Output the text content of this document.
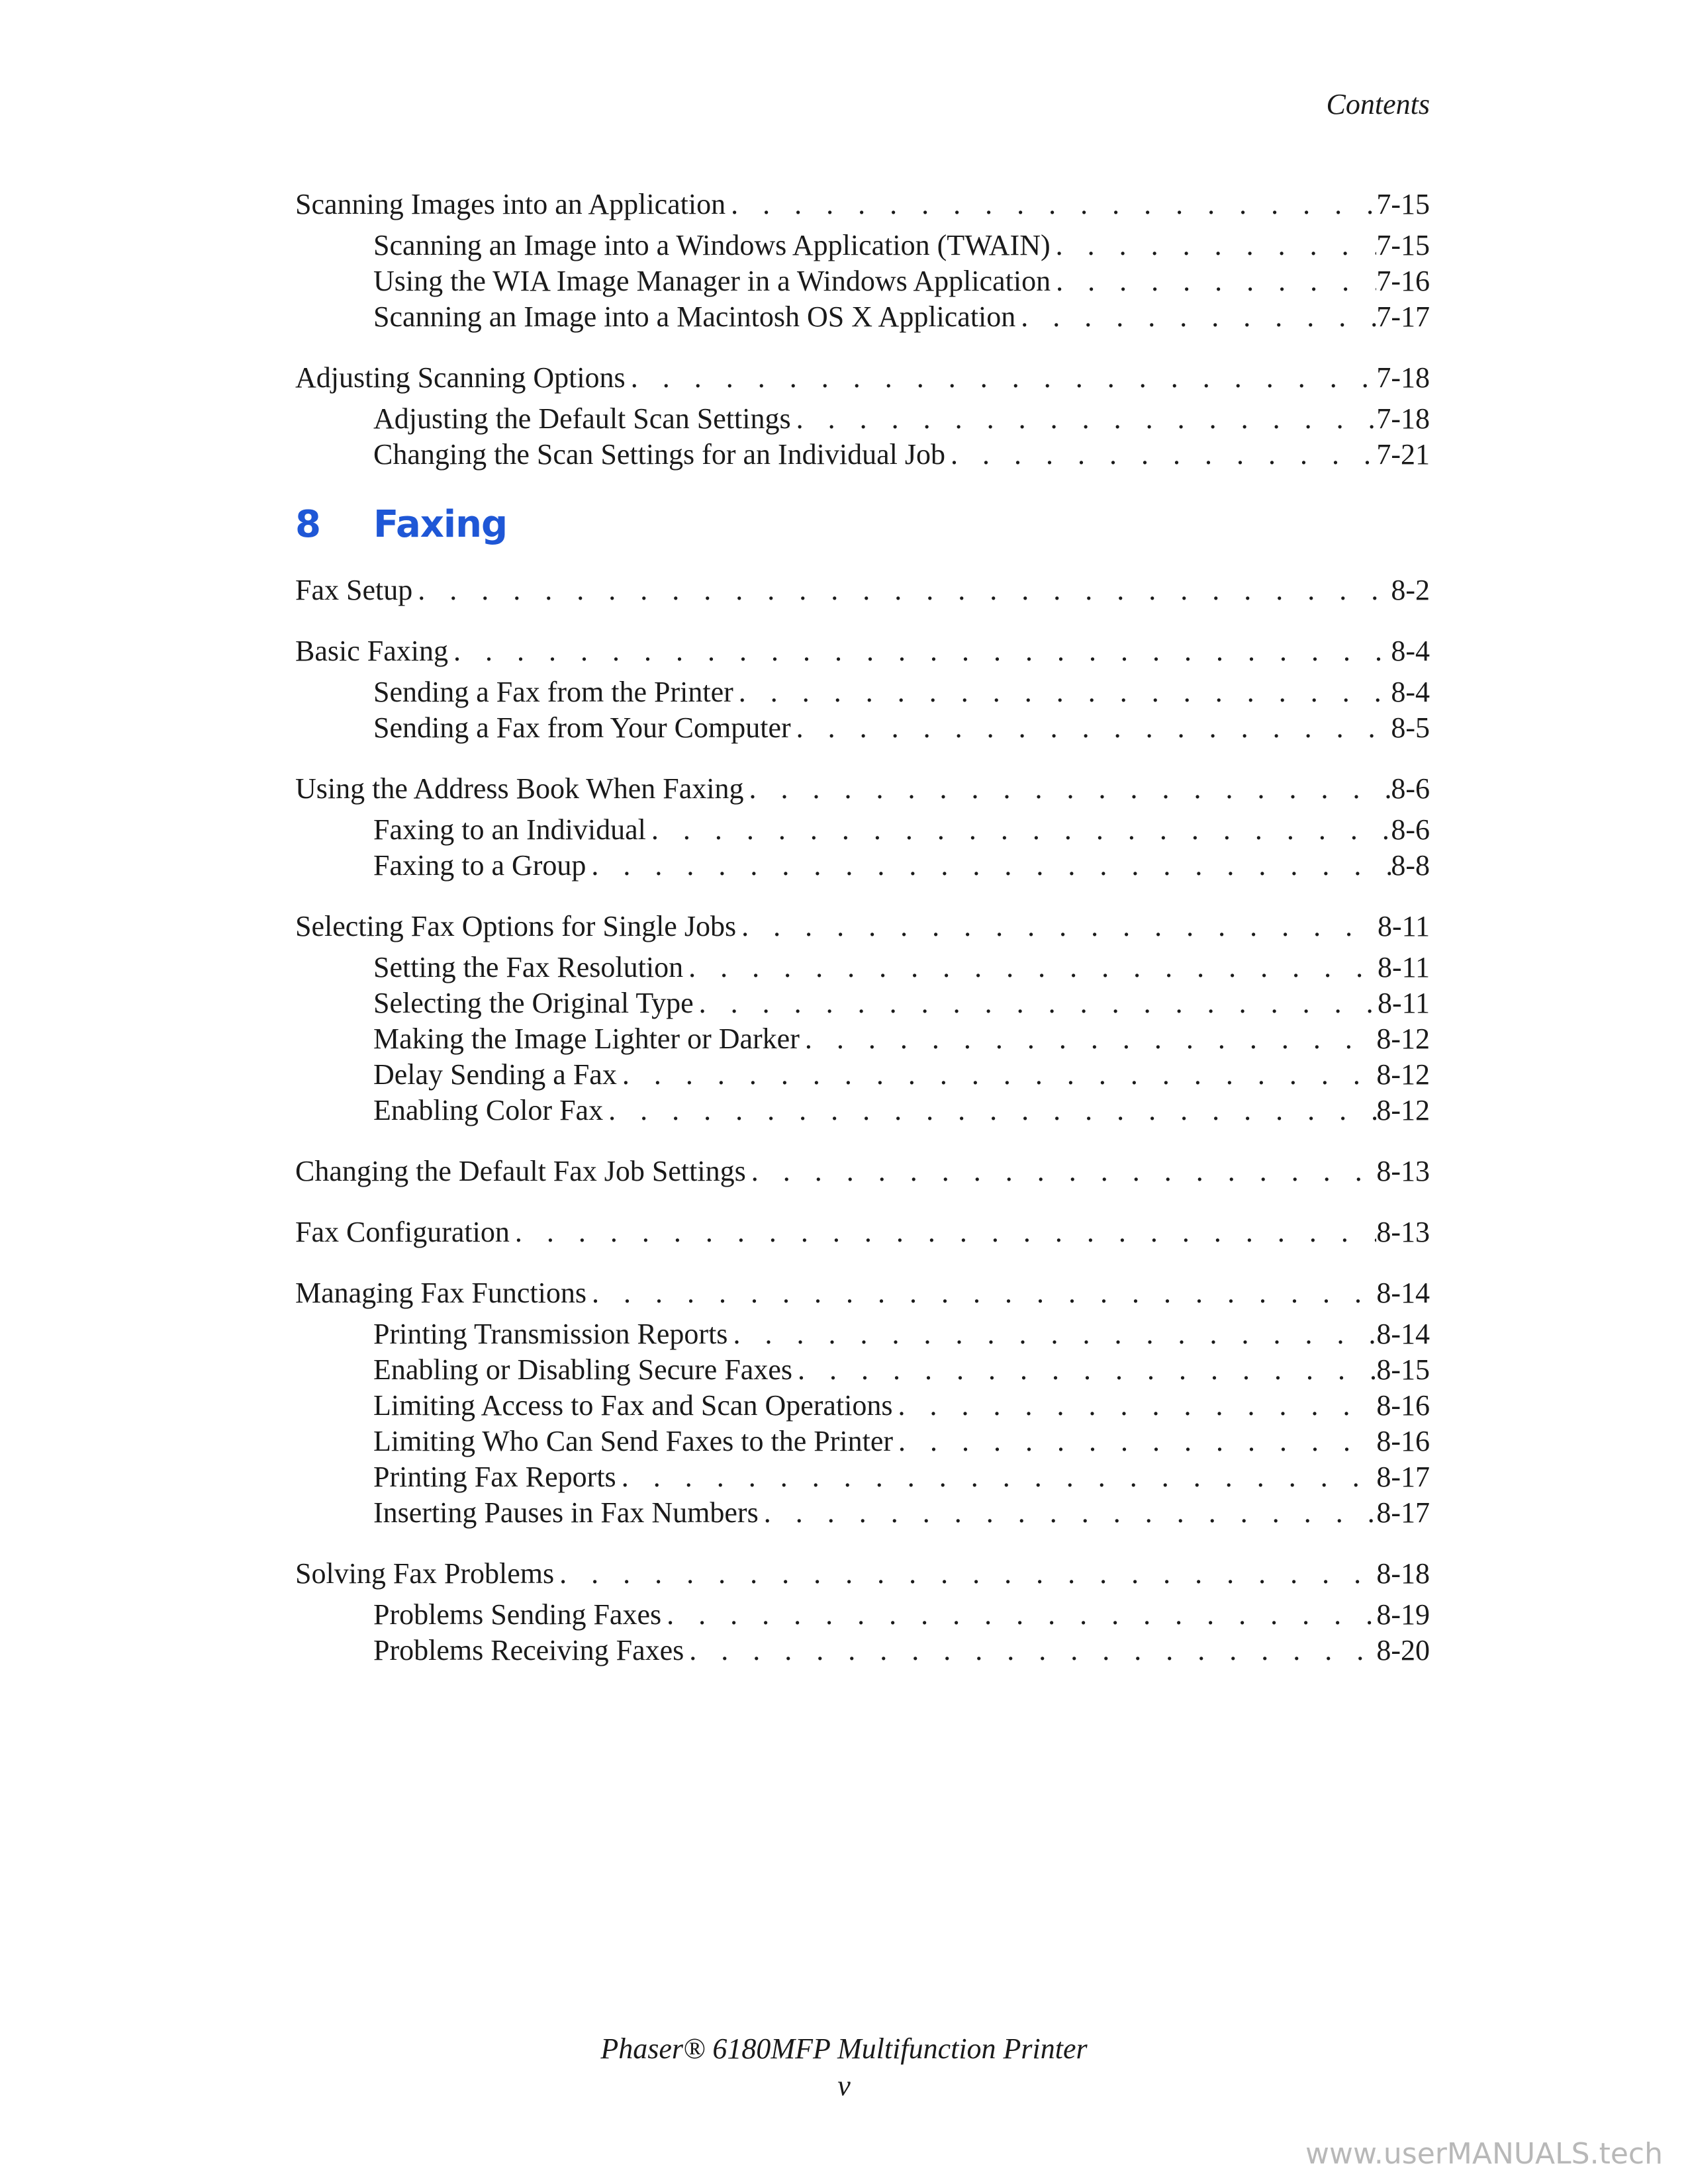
Contents
Scanning Images into an Application . . .	7-15
Scanning an Image into a Windows Application (TWAIN) . . .	7-15
Using the WIA Image Manager in a Windows Application . . .	7-16
Scanning an Image into a Macintosh OS X Application . . .	7-17
Adjusting Scanning Options . . .	7-18
Adjusting the Default Scan Settings . . .	7-18
Changing the Scan Settings for an Individual Job . . .	7-21
8	Faxing
Fax Setup . . .	8-2
Basic Faxing . . .	8-4
Sending a Fax from the Printer . . .	8-4
Sending a Fax from Your Computer . . .	8-5
Using the Address Book When Faxing . . .	8-6
Faxing to an Individual . . .	8-6
Faxing to a Group . . .	8-8
Selecting Fax Options for Single Jobs . . .	8-11
Setting the Fax Resolution . . .	8-11
Selecting the Original Type . . .	8-11
Making the Image Lighter or Darker . . .	8-12
Delay Sending a Fax . . .	8-12
Enabling Color Fax . . .	8-12
Changing the Default Fax Job Settings . . .	8-13
Fax Configuration . . .	8-13
Managing Fax Functions . . .	8-14
Printing Transmission Reports . . .	8-14
Enabling or Disabling Secure Faxes . . .	8-15
Limiting Access to Fax and Scan Operations . . .	8-16
Limiting Who Can Send Faxes to the Printer . . .	8-16
Printing Fax Reports . . .	8-17
Inserting Pauses in Fax Numbers . . .	8-17
Solving Fax Problems . . .	8-18
Problems Sending Faxes . . .	8-19
Problems Receiving Faxes . . .	8-20
Phaser® 6180MFP Multifunction Printer
v
www.userMANUALS.tech
